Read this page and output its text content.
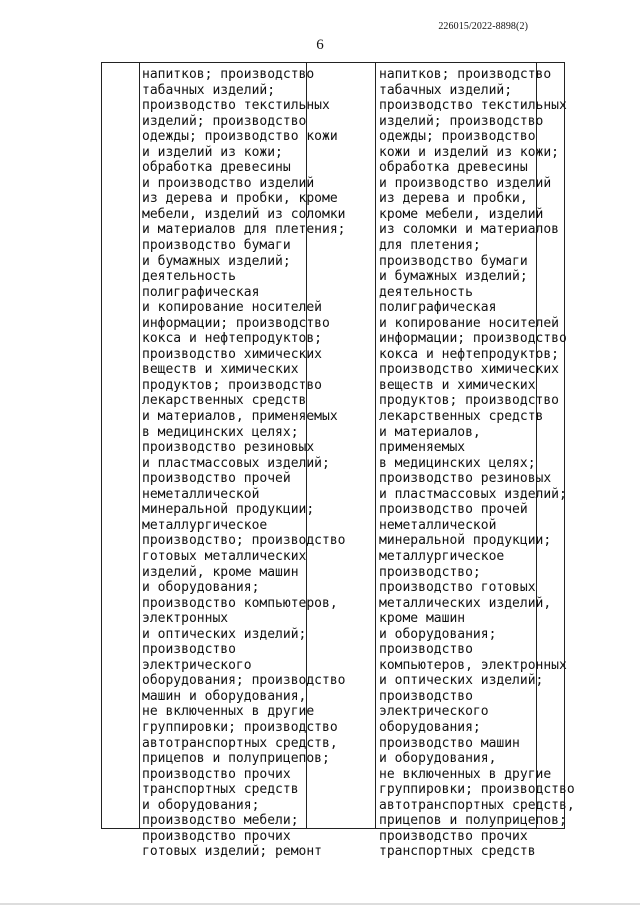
226015/2022-8898(2)
6
напитков; производство
табачных изделий;
производство текстильных
изделий; производство
одежды; производство кожи
и изделий из кожи;
обработка древесины
и производство изделий
из дерева и пробки, кроме
мебели, изделий из соломки
и материалов для плетения;
производство бумаги
и бумажных изделий;
деятельность
полиграфическая
и копирование носителей
информации; производство
кокса и нефтепродуктов;
производство химических
веществ и химических
продуктов; производство
лекарственных средств
и материалов, применяемых
в медицинских целях;
производство резиновых
и пластмассовых изделий;
производство прочей
неметаллической
минеральной продукции;
металлургическое
производство; производство
готовых металлических
изделий, кроме машин
и оборудования;
производство компьютеров,
электронных
и оптических изделий;
производство
электрического
оборудования; производство
машин и оборудования,
не включенных в другие
группировки; производство
автотранспортных средств,
прицепов и полуприцепов;
производство прочих
транспортных средств
и оборудования;
производство мебели;
производство прочих
готовых изделий; ремонт
напитков; производство
табачных изделий;
производство текстильных
изделий; производство
одежды; производство
кожи и изделий из кожи;
обработка древесины
и производство изделий
из дерева и пробки,
кроме мебели, изделий
из соломки и материалов
для плетения;
производство бумаги
и бумажных изделий;
деятельность
полиграфическая
и копирование носителей
информации; производство
кокса и нефтепродуктов;
производство химических
веществ и химических
продуктов; производство
лекарственных средств
и материалов,
применяемых
в медицинских целях;
производство резиновых
и пластмассовых изделий;
производство прочей
неметаллической
минеральной продукции;
металлургическое
производство;
производство готовых
металлических изделий,
кроме машин
и оборудования;
производство
компьютеров, электронных
и оптических изделий;
производство
электрического
оборудования;
производство машин
и оборудования,
не включенных в другие
группировки; производство
автотранспортных средств,
прицепов и полуприцепов;
производство прочих
транспортных средств
